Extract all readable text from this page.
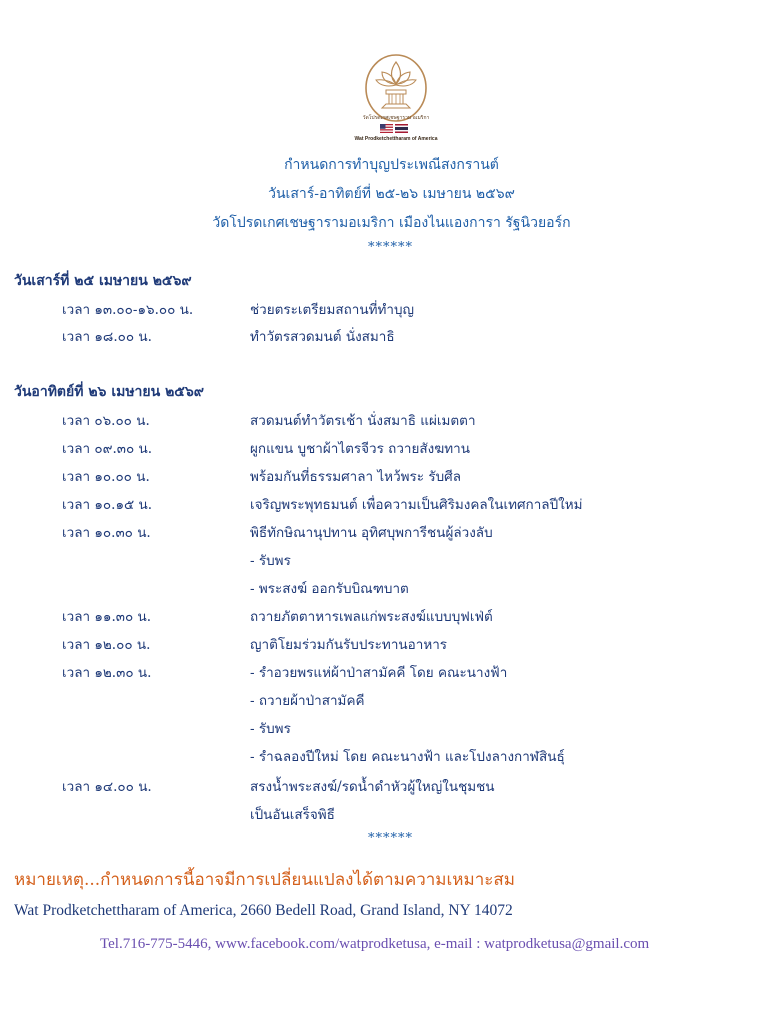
วัดโปรดเกศเชษฐาราม อเมริกา
Wat Prodketchettharam of America
กำหนดการทำบุญประเพณีสงกรานต์
วันเสาร์-อาทิตย์ที่ ๒๕-๒๖ เมษายน ๒๕๖๙
วัดโปรดเกศเชษฐารามอเมริกา เมืองไนแองการา รัฐนิวยอร์ก
******
วันเสาร์ที่ ๒๕ เมษายน ๒๕๖๙
เวลา ๑๓.๐๐-๑๖.๐๐ น.	ช่วยตระเตรียมสถานที่ทำบุญ
เวลา ๑๘.๐๐ น.	ทำวัตรสวดมนต์ นั่งสมาธิ
วันอาทิตย์ที่ ๒๖ เมษายน ๒๕๖๙
เวลา ๐๖.๐๐ น.	สวดมนต์ทำวัตรเช้า นั่งสมาธิ แผ่เมตตา
เวลา ๐๙.๓๐ น.	ผูกแขน บูชาผ้าไตรจีวร ถวายสังฆทาน
เวลา ๑๐.๐๐ น.	พร้อมกันที่ธรรมศาลา ไหว้พระ รับศีล
เวลา ๑๐.๑๕ น.	เจริญพระพุทธมนต์ เพื่อความเป็นศิริมงคลในเทศกาลปีใหม่
เวลา ๑๐.๓๐ น.	พิธีทักษิณานุปทาน อุทิศบุพการีชนผู้ล่วงลับ
- รับพร
- พระสงฆ์ ออกรับบิณฑบาต
เวลา ๑๑.๓๐ น.	ถวายภัตตาหารเพลแก่พระสงฆ์แบบบุฟเฟ่ต์
เวลา ๑๒.๐๐ น.	ญาติโยมร่วมกันรับประทานอาหาร
เวลา ๑๒.๓๐ น.	- รำอวยพรแห่ผ้าป่าสามัคคี โดย คณะนางฟ้า
- ถวายผ้าป่าสามัคคี
- รับพร
- รำฉลองปีใหม่ โดย คณะนางฟ้า และโปงลางกาฬสินธุ์
เวลา ๑๔.๐๐ น.	สรงน้ำพระสงฆ์/รดน้ำดำหัวผู้ใหญ่ในชุมชน
เป็นอันเสร็จพิธี
******
หมายเหตุ...กำหนดการนี้อาจมีการเปลี่ยนแปลงได้ตามความเหมาะสม
Wat Prodketchettharam of America, 2660 Bedell Road, Grand Island, NY 14072
Tel.716-775-5446, www.facebook.com/watprodketusa, e-mail : watprodketusa@gmail.com
